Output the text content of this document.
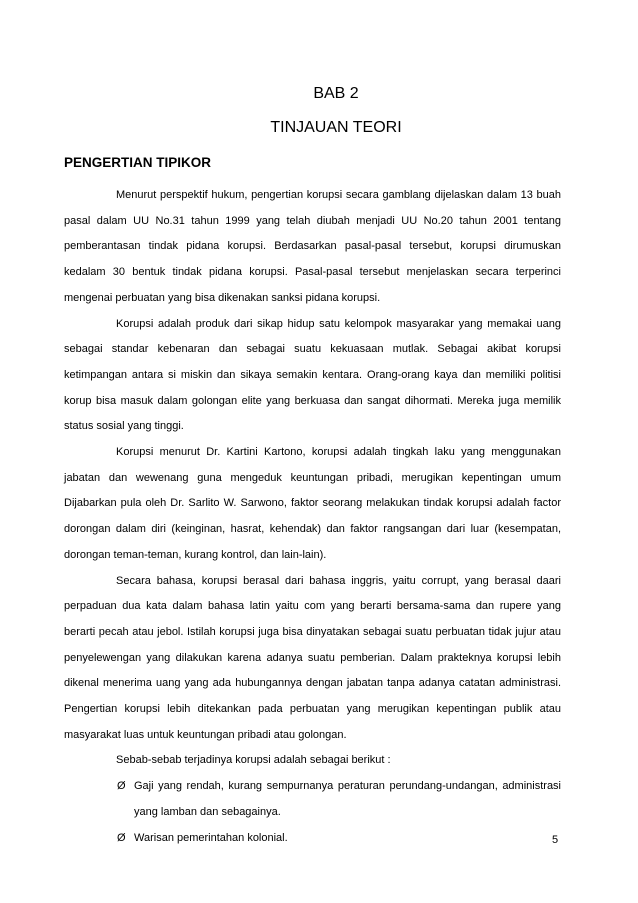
BAB 2
TINJAUAN TEORI
PENGERTIAN TIPIKOR

Menurut perspektif hukum, pengertian korupsi secara gamblang dijelaskan dalam 13 buah pasal dalam UU No.31 tahun 1999 yang telah diubah menjadi UU No.20 tahun 2001 tentang pemberantasan tindak pidana korupsi. Berdasarkan pasal-pasal tersebut, korupsi dirumuskan kedalam 30 bentuk tindak pidana korupsi. Pasal-pasal tersebut menjelaskan secara terperinci mengenai perbuatan yang bisa dikenakan sanksi pidana korupsi.

Korupsi adalah produk dari sikap hidup satu kelompok masyarakar yang memakai uang sebagai standar kebenaran dan sebagai suatu kekuasaan mutlak. Sebagai akibat korupsi ketimpangan antara si miskin dan sikaya semakin kentara. Orang-orang kaya dan memiliki politisi korup bisa masuk dalam golongan elite yang berkuasa dan sangat dihormati. Mereka juga memilik status sosial yang tinggi.

Korupsi menurut Dr. Kartini Kartono, korupsi adalah tingkah laku yang menggunakan jabatan dan wewenang guna mengeduk keuntungan pribadi, merugikan kepentingan umum Dijabarkan pula oleh Dr. Sarlito W. Sarwono, faktor seorang melakukan tindak korupsi adalah factor dorongan dalam diri (keinginan, hasrat, kehendak) dan faktor rangsangan dari luar (kesempatan, dorongan teman-teman, kurang kontrol, dan lain-lain).

Secara bahasa, korupsi berasal dari bahasa inggris, yaitu corrupt, yang berasal daari perpaduan dua kata dalam bahasa latin yaitu com yang berarti bersama-sama dan rupere yang berarti pecah atau jebol. Istilah korupsi juga bisa dinyatakan sebagai suatu perbuatan tidak jujur atau penyelewengan yang dilakukan karena adanya suatu pemberian. Dalam prakteknya korupsi lebih dikenal menerima uang yang ada hubungannya dengan jabatan tanpa adanya catatan administrasi. Pengertian korupsi lebih ditekankan pada perbuatan yang merugikan kepentingan publik atau masyarakat luas untuk keuntungan pribadi atau golongan.

Sebab-sebab terjadinya korupsi adalah sebagai berikut :

Ø Gaji yang rendah, kurang sempurnanya peraturan perundang-undangan, administrasi yang lamban dan sebagainya.
Ø Warisan pemerintahan kolonial.	5
